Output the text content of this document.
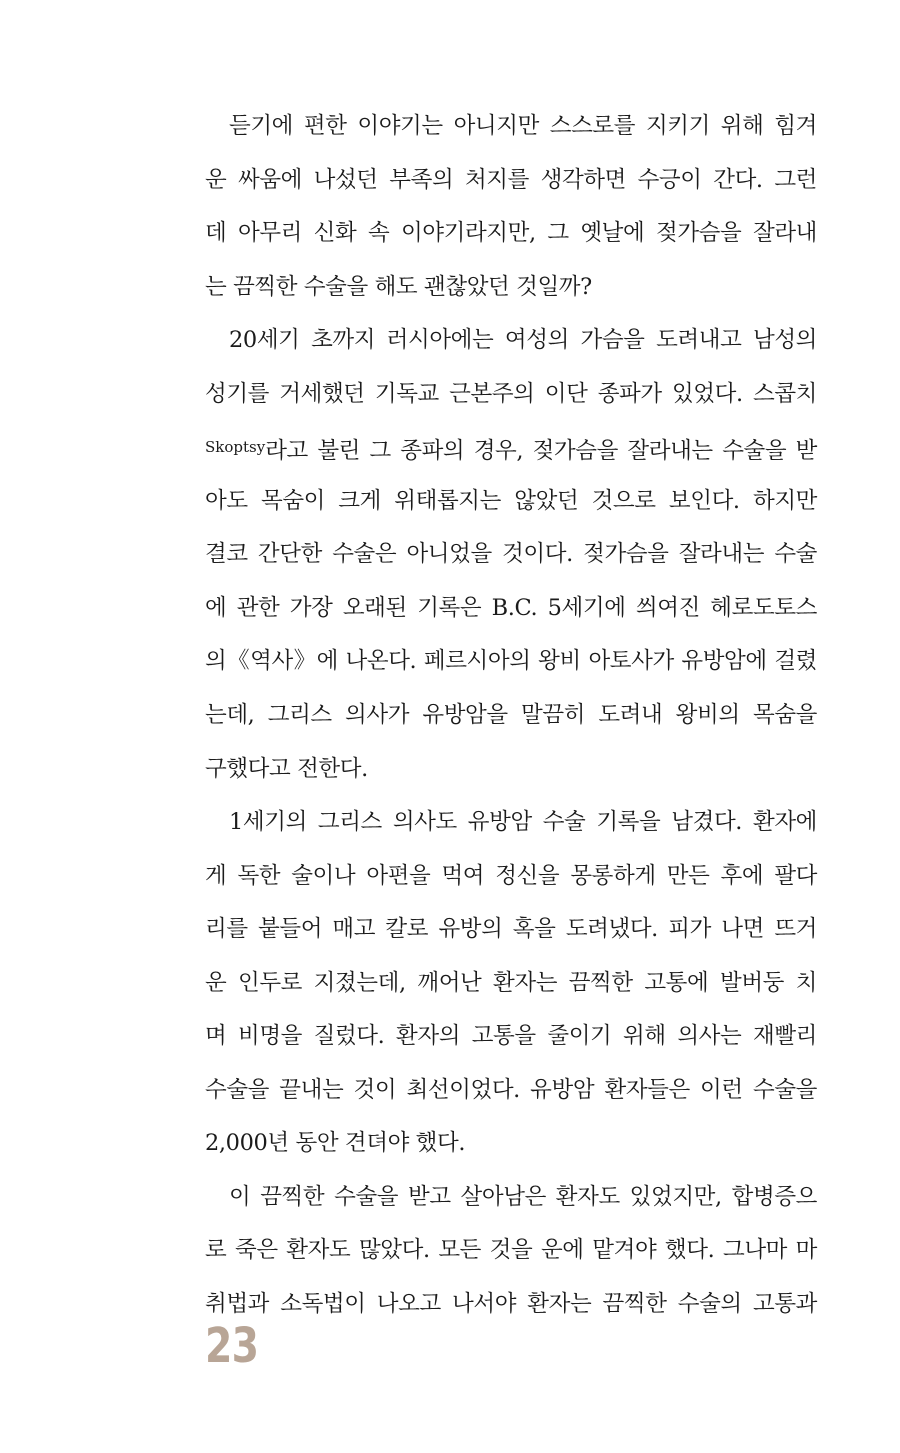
듣기에 편한 이야기는 아니지만 스스로를 지키기 위해 힘겨
운 싸움에 나섰던 부족의 처지를 생각하면 수긍이 간다. 그런
데 아무리 신화 속 이야기라지만, 그 옛날에 젖가슴을 잘라내
는 끔찍한 수술을 해도 괜찮았던 것일까?
20세기 초까지 러시아에는 여성의 가슴을 도려내고 남성의
성기를 거세했던 기독교 근본주의 이단 종파가 있었다. 스콥치
$^{Skoptsy}$라고 불린 그 종파의 경우, 젖가슴을 잘라내는 수술을 받
아도 목숨이 크게 위태롭지는 않았던 것으로 보인다. 하지만
결코 간단한 수술은 아니었을 것이다. 젖가슴을 잘라내는 수술
에 관한 가장 오래된 기록은 B.C. 5세기에 씌여진 헤로도토스
의《역사》에 나온다. 페르시아의 왕비 아토사가 유방암에 걸렸
는데, 그리스 의사가 유방암을 말끔히 도려내 왕비의 목숨을
구했다고 전한다.
1세기의 그리스 의사도 유방암 수술 기록을 남겼다. 환자에
게 독한 술이나 아편을 먹여 정신을 몽롱하게 만든 후에 팔다
리를 붙들어 매고 칼로 유방의 혹을 도려냈다. 피가 나면 뜨거
운 인두로 지졌는데, 깨어난 환자는 끔찍한 고통에 발버둥 치
며 비명을 질렀다. 환자의 고통을 줄이기 위해 의사는 재빨리
수술을 끝내는 것이 최선이었다. 유방암 환자들은 이런 수술을
2,000년 동안 견뎌야 했다.
이 끔찍한 수술을 받고 살아남은 환자도 있었지만, 합병증으
로 죽은 환자도 많았다. 모든 것을 운에 맡겨야 했다. 그나마 마
취법과 소독법이 나오고 나서야 환자는 끔찍한 수술의 고통과
23
